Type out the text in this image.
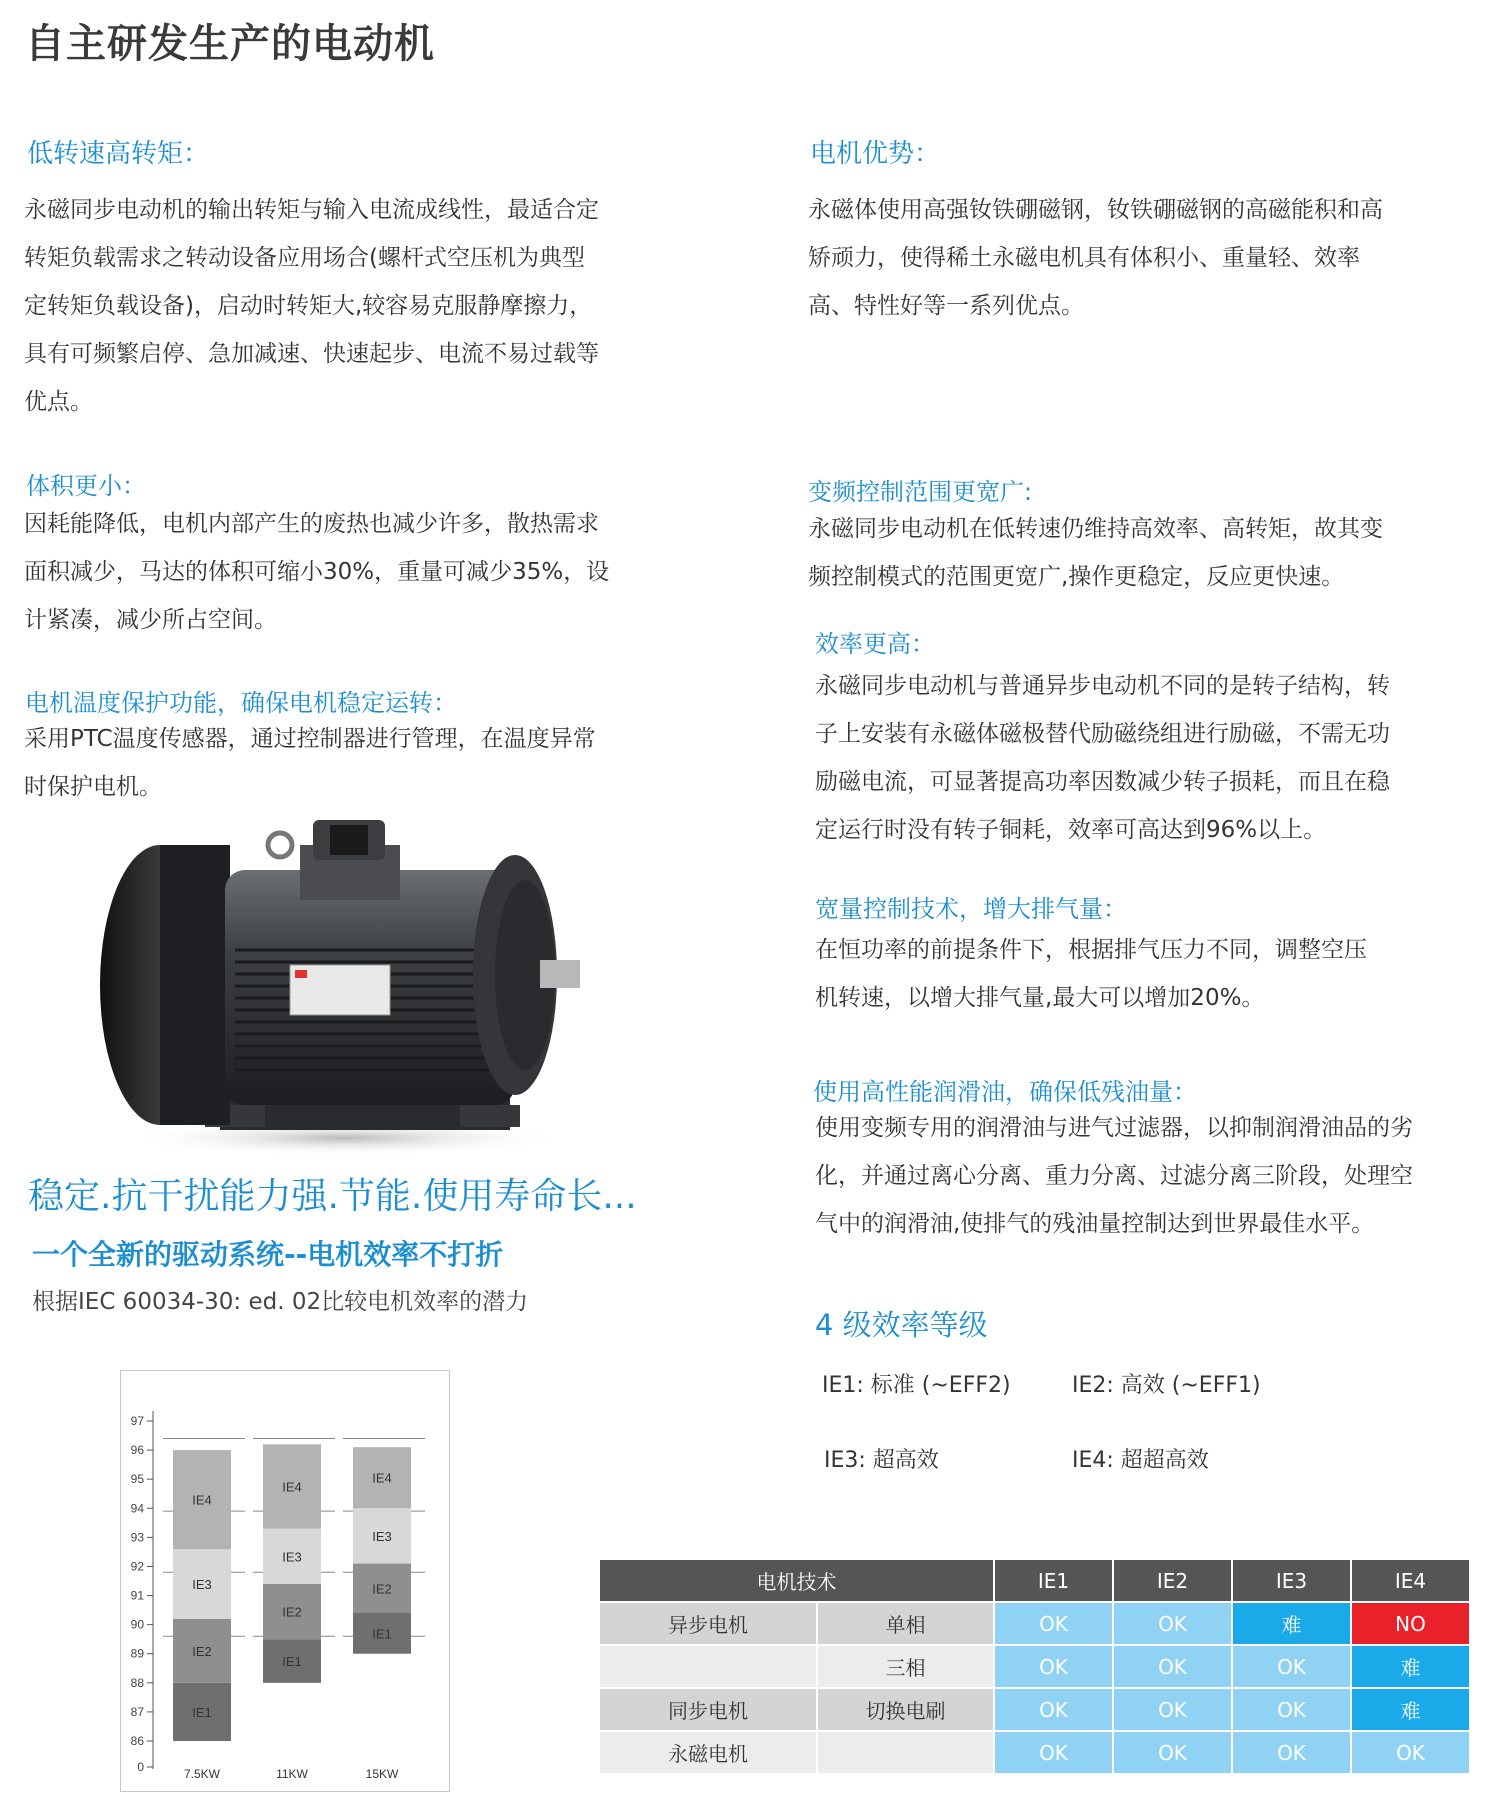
自主研发生产的电动机
低转速高转矩：
永磁同步电动机的输出转矩与输入电流成线性，最适合定
转矩负载需求之转动设备应用场合(螺杆式空压机为典型
定转矩负载设备)，启动时转矩大,较容易克服静摩擦力，
具有可频繁启停、急加减速、快速起步、电流不易过载等
优点。
体积更小：
因耗能降低，电机内部产生的废热也减少许多，散热需求
面积减少，马达的体积可缩小30%，重量可减少35%，设
计紧凑，减少所占空间。
电机温度保护功能，确保电机稳定运转：
采用PTC温度传感器，通过控制器进行管理，在温度异常
时保护电机。
电机优势：
永磁体使用高强钕铁硼磁钢，钕铁硼磁钢的高磁能积和高
矫顽力，使得稀土永磁电机具有体积小、重量轻、效率
高、特性好等一系列优点。
变频控制范围更宽广:
永磁同步电动机在低转速仍维持高效率、高转矩，故其变
频控制模式的范围更宽广,操作更稳定，反应更快速。
效率更高：
永磁同步电动机与普通异步电动机不同的是转子结构，转
子上安装有永磁体磁极替代励磁绕组进行励磁，不需无功
励磁电流，可显著提高功率因数减少转子损耗，而且在稳
定运行时没有转子铜耗，效率可高达到96%以上。
宽量控制技术，增大排气量：
在恒功率的前提条件下，根据排气压力不同，调整空压
机转速，以增大排气量,最大可以增加20%。
使用高性能润滑油，确保低残油量：
使用变频专用的润滑油与进气过滤器，以抑制润滑油品的劣
化，并通过离心分离、重力分离、过滤分离三阶段，处理空
气中的润滑油,使排气的残油量控制达到世界最佳水平。
稳定.抗干扰能力强.节能.使用寿命长...
一个全新的驱动系统--电机效率不打折
根据IEC 60034-30: ed. 02比较电机效率的潜力
4 级效率等级
IE1: 标准 (~EFF2)	IE2: 高效 (~EFF1)
IE3: 超高效	IE4: 超超高效
0
86
87
88
89
90
91
92
93
94
95
96
97
IE1
IE2
IE3
IE4
7.5KW
IE1
IE2
IE3
IE4
11KW
IE1
IE2
IE3
IE4
15KW
电机技术		IE1	IE2	IE3	IE4
异步电机	单相	OK	OK	难	NO
	三相	OK	OK	OK	难
同步电机	切换电刷	OK	OK	OK	难
永磁电机		OK	OK	OK	OK
